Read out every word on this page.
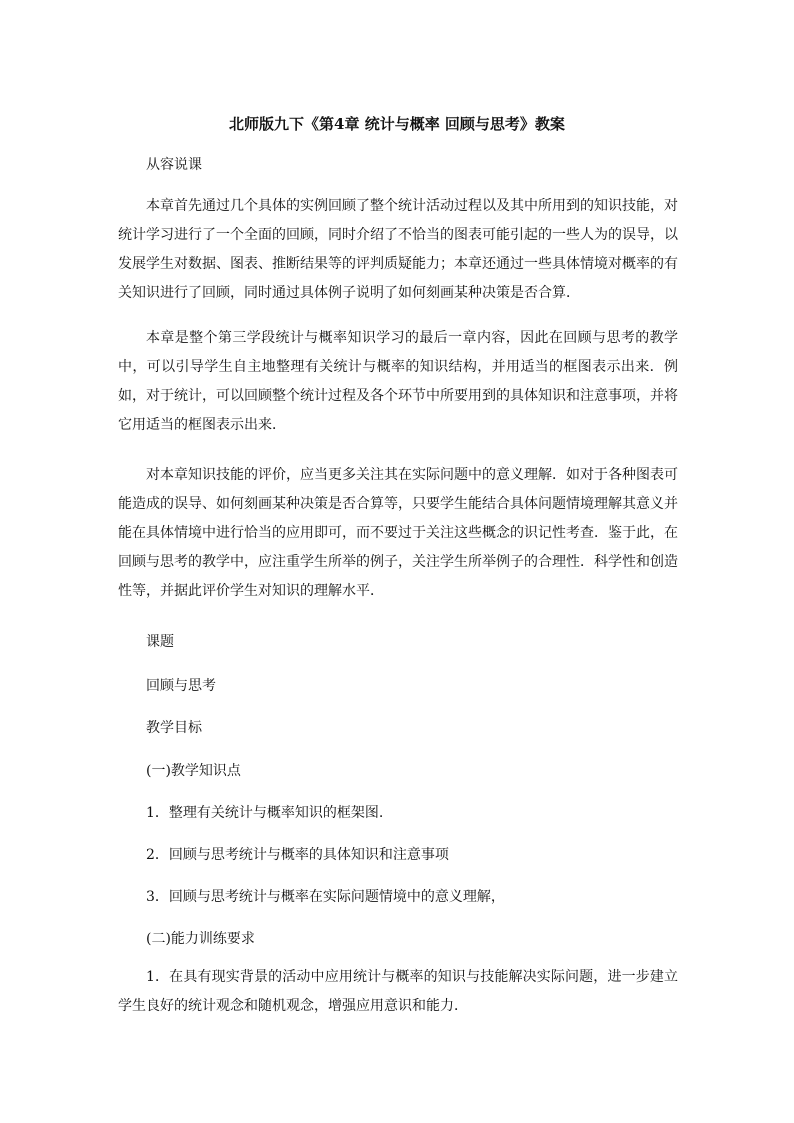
北师版九下《第4章 统计与概率 回顾与思考》教案
从容说课

本章首先通过几个具体的实例回顾了整个统计活动过程以及其中所用到的知识技能，对统计学习进行了一个全面的回顾，同时介绍了不恰当的图表可能引起的一些人为的误导，以发展学生对数据、图表、推断结果等的评判质疑能力；本章还通过一些具体情境对概率的有关知识进行了回顾，同时通过具体例子说明了如何刻画某种决策是否合算．

本章是整个第三学段统计与概率知识学习的最后一章内容，因此在回顾与思考的教学中，可以引导学生自主地整理有关统计与概率的知识结构，并用适当的框图表示出来．例如，对于统计，可以回顾整个统计过程及各个环节中所要用到的具体知识和注意事项，并将它用适当的框图表示出来．

对本章知识技能的评价，应当更多关注其在实际问题中的意义理解．如对于各种图表可能造成的误导、如何刻画某种决策是否合算等，只要学生能结合具体问题情境理解其意义并能在具体情境中进行恰当的应用即可，而不要过于关注这些概念的识记性考查．鉴于此，在回顾与思考的教学中，应注重学生所举的例子，关注学生所举例子的合理性．科学性和创造性等，并据此评价学生对知识的理解水平．

课题
回顾与思考
教学目标
(一)教学知识点
1．整理有关统计与概率知识的框架图.
2．回顾与思考统计与概率的具体知识和注意事项
3．回顾与思考统计与概率在实际问题情境中的意义理解，
(二)能力训练要求

1．在具有现实背景的活动中应用统计与概率的知识与技能解决实际问题，进一步建立学生良好的统计观念和随机观念，增强应用意识和能力．
